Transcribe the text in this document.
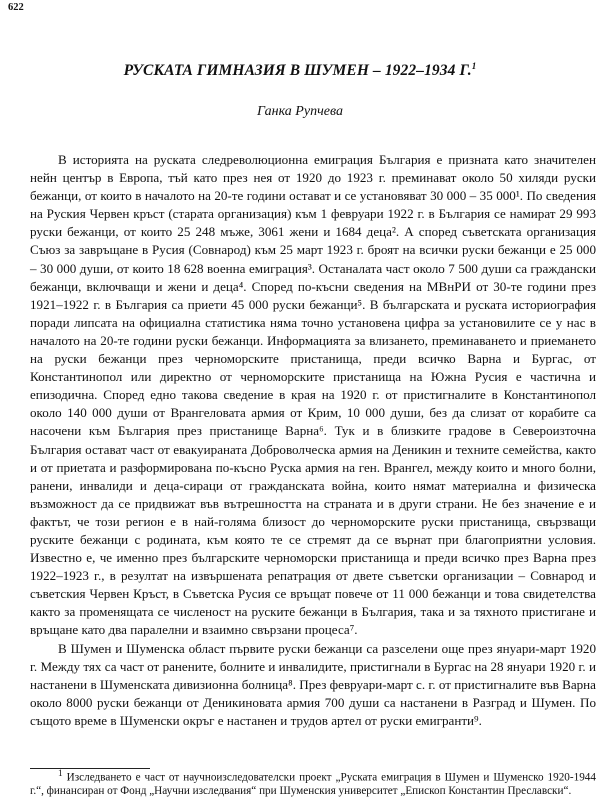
622
РУСКАТА ГИМНАЗИЯ В ШУМЕН – 1922–1934 Г.$^1$
Ганка Рупчева

В историята на руската следреволюционна емиграция България е призната като значителен нейн център в Европа, тъй като през нея от 1920 до 1923 г. преминават около 50 хиляди руски бежанци, от които в началото на 20-те години остават и се установяват 30 000 – 35 000¹. По сведения на Руския Червен кръст (старата организация) към 1 февруари 1922 г. в България се намират 29 993 руски бежанци, от които 25 248 мъже, 3061 жени и 1684 деца². А според съветската организация Съюз за завръщане в Русия (Совнарод) към 25 март 1923 г. броят на всички руски бежанци е 25 000 – 30 000 души, от които 18 628 военна емиграция³. Останалата част около 7 500 души са граждански бежанци, включващи и жени и деца⁴. Според по-късни сведения на МВнРИ от 30-те години през 1921–1922 г. в България са приети 45 000 руски бежанци⁵. В българската и руската историография поради липсата на официална статистика няма точно установена цифра за установилите се у нас в началото на 20-те години руски бежанци. Информацията за влизането, преминаването и приемането на руски бежанци през черноморските пристанища, преди всичко Варна и Бургас, от Константинопол или директно от черноморските пристанища на Южна Русия е частична и епизодична. Според едно такова сведение в края на 1920 г. от пристигналите в Константинопол около 140 000 души от Врангеловата армия от Крим, 10 000 души, без да слизат от корабите са насочени към България през пристанище Варна⁶. Тук и в близките градове в Североизточна България остават част от евакуираната Доброволческа армия на Деникин и техните семейства, както и от приетата и разформирована по-късно Руска армия на ген. Врангел, между които и много болни, ранени, инвалиди и деца-сираци от гражданската война, които нямат материална и физическа възможност да се придвижат във вътрешността на страната и в други страни. Не без значение е и фактът, че този регион е в най-голяма близост до черноморските руски пристанища, свързващи руските бежанци с родината, към която те се стремят да се върнат при благоприятни условия. Известно е, че именно през българските черноморски пристанища и преди всичко през Варна през 1922–1923 г., в резултат на извършената репатрация от двете съветски организации – Совнарод и съветския Червен Кръст, в Съветска Русия се връщат повече от 11 000 бежанци и това свидетелства както за променящата се численост на руските бежанци в България, така и за тяхното пристигане и връщане като два паралелни и взаимно свързани процеса⁷.

В Шумен и Шуменска област първите руски бежанци са разселени още през януари-март 1920 г. Между тях са част от ранените, болните и инвалидите, пристигнали в Бургас на 28 януари 1920 г. и настанени в Шуменската дивизионна болница⁸. През февруари-март с. г. от пристигналите във Варна около 8000 руски бежанци от Деникиновата армия 700 души са настанени в Разград и Шумен. По същото време в Шуменски окръг е настанен и трудов артел от руски емигранти⁹.

$^1$ Изследването е част от научноизследователски проект „Руската емиграция в Шумен и Шуменско 1920-1944 г.“, финансиран от Фонд „Научни изследвания“ при Шуменския университет „Епископ Константин Преславски“.
